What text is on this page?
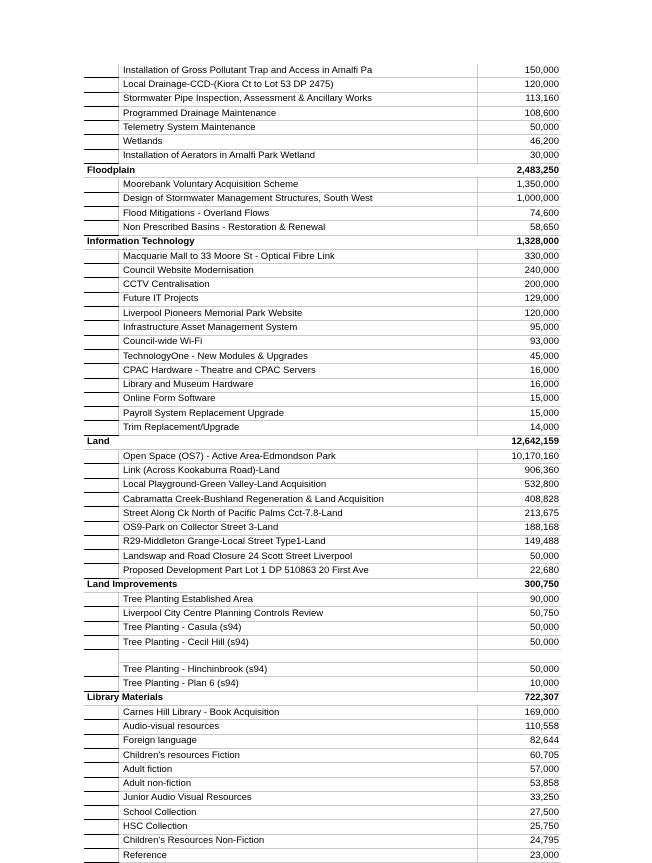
	Installation of Gross Pollutant Trap and Access in Amalfi Pa	150,000
	Local Drainage-CCD-(Kiora Ct to Lot 53 DP 2475)	120,000
	Stormwater Pipe Inspection, Assessment & Ancillary Works	113,160
	Programmed Drainage Maintenance	108,600
	Telemetry System Maintenance	50,000
	Wetlands	46,200
	Installation of Aerators in Amalfi Park Wetland	30,000
Floodplain		2,483,250
	Moorebank Voluntary Acquisition Scheme	1,350,000
	Design of Stormwater Management Structures, South West	1,000,000
	Flood Mitigations - Overland Flows	74,600
	Non Prescribed Basins - Restoration & Renewal	58,650
Information Technology		1,328,000
	Macquarie Mall to 33 Moore St - Optical Fibre Link	330,000
	Council Website Modernisation	240,000
	CCTV Centralisation	200,000
	Future IT Projects	129,000
	Liverpool Pioneers Memorial Park Website	120,000
	Infrastructure Asset Management System	95,000
	Council-wide Wi-Fi	93,000
	TechnologyOne - New Modules & Upgrades	45,000
	CPAC Hardware - Theatre and CPAC Servers	16,000
	Library and Museum Hardware	16,000
	Online Form Software	15,000
	Payroll System Replacement Upgrade	15,000
	Trim Replacement/Upgrade	14,000
Land		12,642,159
	Open Space (OS7) - Active Area-Edmondson Park	10,170,160
	Link (Across Kookaburra Road)-Land	906,360
	Local Playground-Green Valley-Land Acquisition	532,800
	Cabramatta Creek-Bushland Regeneration & Land Acquisition	408,828
	Street Along Ck North of Pacific Palms Cct-7.8-Land	213,675
	OS9-Park on Collector Street 3-Land	188,168
	R29-Middleton Grange-Local Street Type1-Land	149,488
	Landswap and Road Closure 24 Scott Street Liverpool	50,000
	Proposed Development Part Lot 1 DP 510863 20 First Ave	22,680
Land Improvements		300,750
	Tree Planting Established Area	90,000
	Liverpool City Centre Planning Controls Review	50,750
	Tree Planting - Casula (s94)	50,000
	Tree Planting - Cecil Hill (s94)	50,000

	Tree Planting - Hinchinbrook (s94)	50,000
	Tree Planting - Plan 6 (s94)	10,000
Library Materials		722,307
	Carnes Hill Library - Book Acquisition	169,000
	Audio-visual resources	110,558
	Foreign language	82,644
	Children's resources Fiction	60,705
	Adult fiction	57,000
	Adult non-fiction	53,858
	Junior Audio Visual Resources	33,250
	School Collection	27,500
	HSC Collection	25,750
	Children's Resources Non-Fiction	24,795
	Reference	23,000
